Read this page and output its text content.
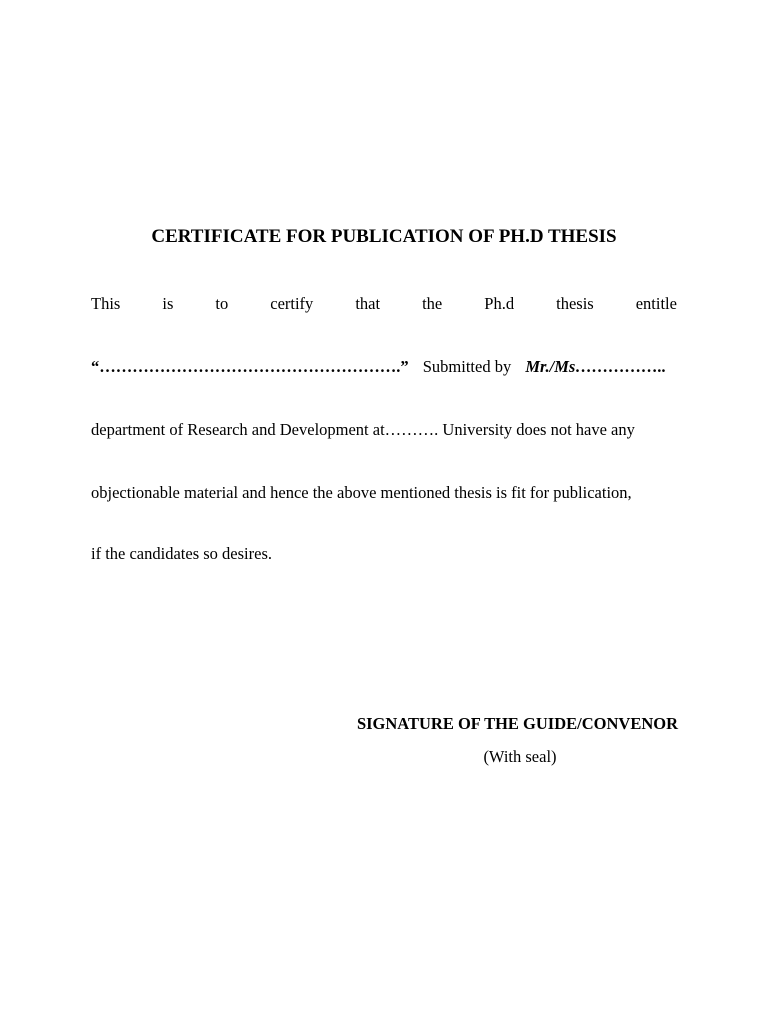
CERTIFICATE FOR PUBLICATION OF PH.D THESIS
This	is	to	certify	that	the	Ph.d	thesis	entitle
“……………………………………………….” Submitted by Mr./Ms……………..
department of Research and Development at………. University does not have any
objectionable material and hence the above mentioned thesis is fit for publication,
if the candidates so desires.
SIGNATURE OF THE GUIDE/CONVENOR
(With seal)
